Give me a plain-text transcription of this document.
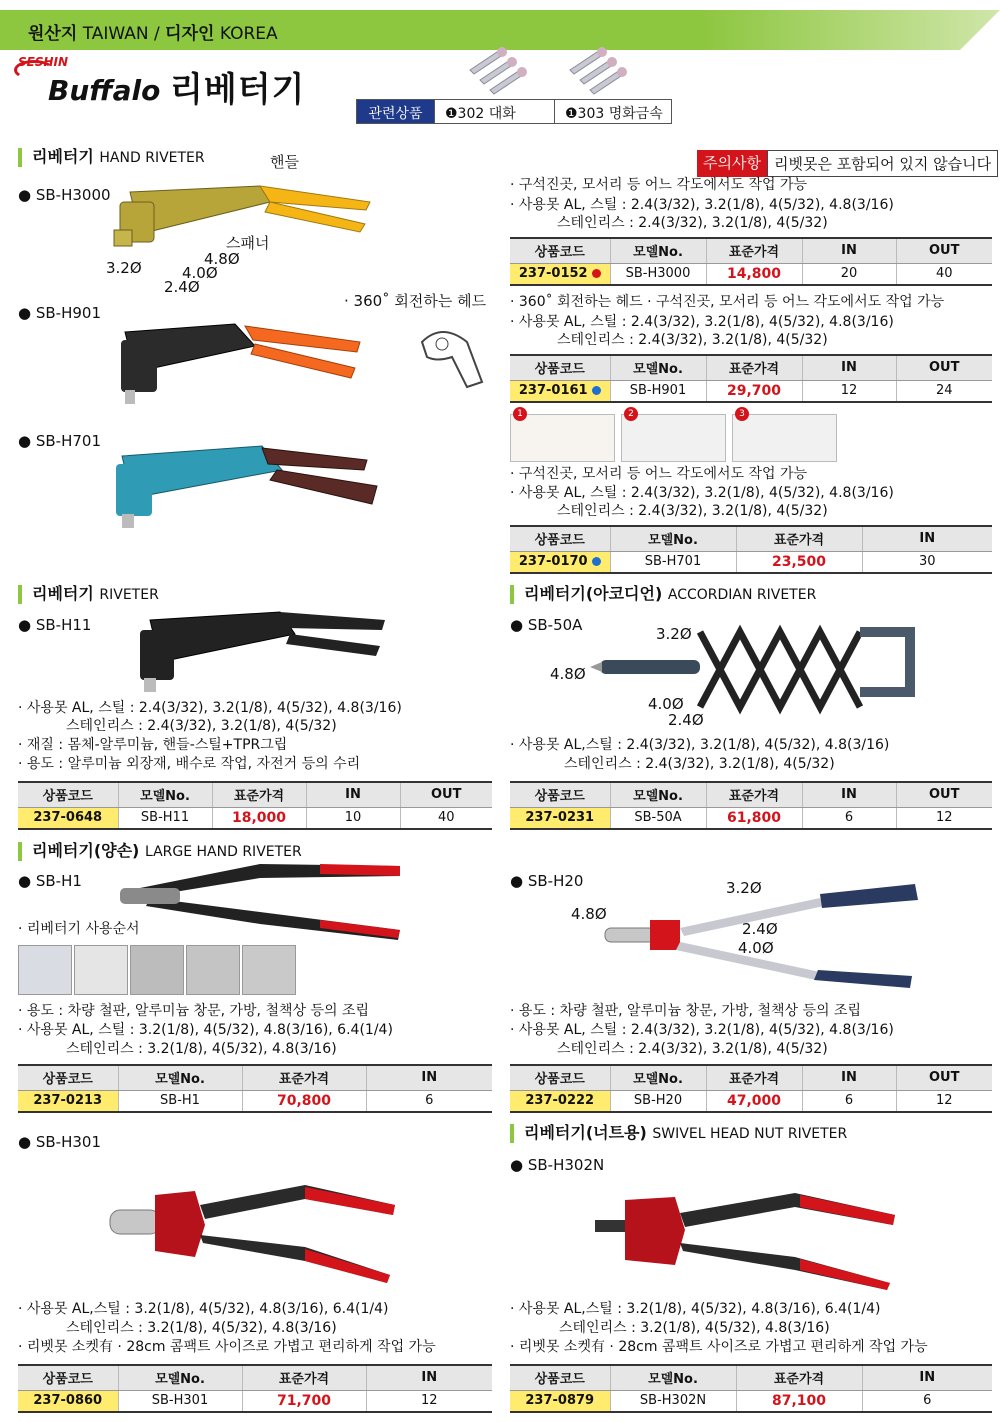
원산지 TAIWAN / 디자인 KOREA
SESHIN
Buffalo 리베터기
관련상품	❶302 대화	❶303 명화금속
리베터기 HAND RIVETER	주의사항 리벳못은 포함되어 있지 않습니다
● SB-H3000
핸들
스패너
4.8Ø
3.2Ø	4.0Ø
2.4Ø
· 구석진곳, 모서리 등 어느 각도에서도 작업 가능
· 사용못 AL, 스틸 : 2.4(3/32), 3.2(1/8), 4(5/32), 4.8(3/16)
스테인리스 : 2.4(3/32), 3.2(1/8), 4(5/32)
상품코드	모델No.	표준가격	IN	OUT
237-0152	SB-H3000	14,800	20	40
● SB-H901
· 360˚ 회전하는 헤드 · 360˚ 회전하는 헤드 · 구석진곳, 모서리 등 어느 각도에서도 작업 가능
· 사용못 AL, 스틸 : 2.4(3/32), 3.2(1/8), 4(5/32), 4.8(3/16)
스테인리스 : 2.4(3/32), 3.2(1/8), 4(5/32)
상품코드	모델No.	표준가격	IN	OUT
237-0161	SB-H901	29,700	12	24
● SB-H701
1	2	3
· 구석진곳, 모서리 등 어느 각도에서도 작업 가능
· 사용못 AL, 스틸 : 2.4(3/32), 3.2(1/8), 4(5/32), 4.8(3/16)
스테인리스 : 2.4(3/32), 3.2(1/8), 4(5/32)
상품코드	모델No.	표준가격	IN
237-0170	SB-H701	23,500	30
리베터기 RIVETER
● SB-H11
· 사용못 AL, 스틸 : 2.4(3/32), 3.2(1/8), 4(5/32), 4.8(3/16)
스테인리스 : 2.4(3/32), 3.2(1/8), 4(5/32)
· 재질 : 몸체-알루미늄, 핸들-스틸+TPR그립
· 용도 : 알루미늄 외장재, 배수로 작업, 자전거 등의 수리
상품코드	모델No.	표준가격	IN	OUT
237-0648	SB-H11	18,000	10	40
리베터기(아코디언) ACCORDIAN RIVETER
● SB-50A	3.2Ø
4.8Ø
4.0Ø
2.4Ø
· 사용못 AL,스틸 : 2.4(3/32), 3.2(1/8), 4(5/32), 4.8(3/16)
스테인리스 : 2.4(3/32), 3.2(1/8), 4(5/32)
상품코드	모델No.	표준가격	IN	OUT
237-0231	SB-50A	61,800	6	12
리베터기(양손) LARGE HAND RIVETER
● SB-H1
· 리베터기 사용순서
· 용도 : 차량 철판, 알루미늄 창문, 가방, 철책상 등의 조립
· 사용못 AL, 스틸 : 3.2(1/8), 4(5/32), 4.8(3/16), 6.4(1/4)
스테인리스 : 3.2(1/8), 4(5/32), 4.8(3/16)
상품코드	모델No.	표준가격	IN
237-0213	SB-H1	70,800	6
● SB-H20	3.2Ø
4.8Ø
2.4Ø
4.0Ø
· 용도 : 차량 철판, 알루미늄 창문, 가방, 철책상 등의 조립
· 사용못 AL, 스틸 : 2.4(3/32), 3.2(1/8), 4(5/32), 4.8(3/16)
스테인리스 : 2.4(3/32), 3.2(1/8), 4(5/32)
상품코드	모델No.	표준가격	IN	OUT
237-0222	SB-H20	47,000	6	12
● SB-H301
· 사용못 AL,스틸 : 3.2(1/8), 4(5/32), 4.8(3/16), 6.4(1/4)
스테인리스 : 3.2(1/8), 4(5/32), 4.8(3/16)
· 리벳못 소켓有 · 28cm 콤팩트 사이즈로 가볍고 편리하게 작업 가능
상품코드	모델No.	표준가격	IN
237-0860	SB-H301	71,700	12
리베터기(너트용) SWIVEL HEAD NUT RIVETER
● SB-H302N
· 사용못 AL,스틸 : 3.2(1/8), 4(5/32), 4.8(3/16), 6.4(1/4)
스테인리스 : 3.2(1/8), 4(5/32), 4.8(3/16)
· 리벳못 소켓有 · 28cm 콤팩트 사이즈로 가볍고 편리하게 작업 가능
상품코드	모델No.	표준가격	IN
237-0879	SB-H302N	87,100	6
